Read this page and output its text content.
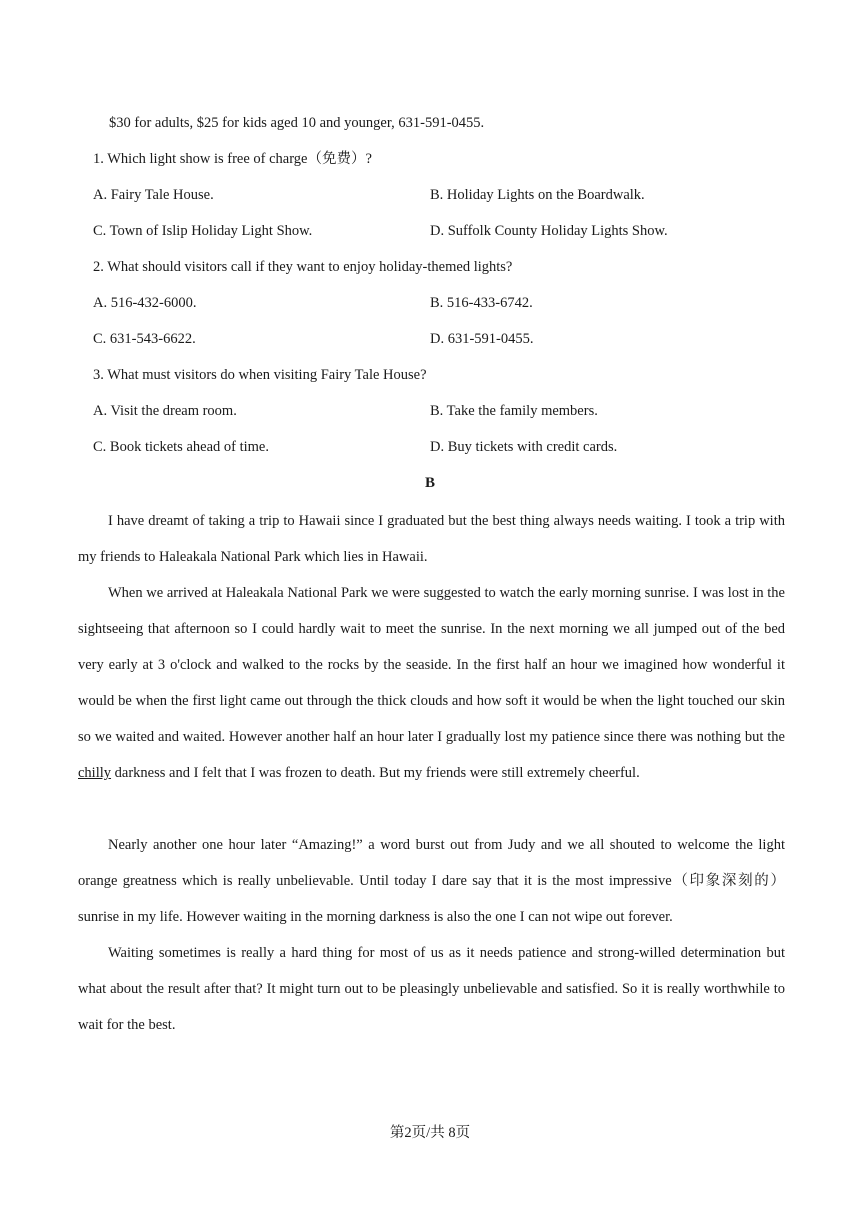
$30 for adults, $25 for kids aged 10 and younger, 631-591-0455.
1. Which light show is free of charge（免费）?
A. Fairy Tale House.	B. Holiday Lights on the Boardwalk.
C. Town of Islip Holiday Light Show.	D. Suffolk County Holiday Lights Show.
2. What should visitors call if they want to enjoy holiday-themed lights?
A. 516-432-6000.	B. 516-433-6742.
C. 631-543-6622.	D. 631-591-0455.
3. What must visitors do when visiting Fairy Tale House?
A. Visit the dream room.	B. Take the family members.
C. Book tickets ahead of time.	D. Buy tickets with credit cards.
B

I have dreamt of taking a trip to Hawaii since I graduated but the best thing always needs waiting. I took a trip with my friends to Haleakala National Park which lies in Hawaii.

When we arrived at Haleakala National Park we were suggested to watch the early morning sunrise. I was lost in the sightseeing that afternoon so I could hardly wait to meet the sunrise. In the next morning we all jumped out of the bed very early at 3 o'clock and walked to the rocks by the seaside. In the first half an hour we imagined how wonderful it would be when the first light came out through the thick clouds and how soft it would be when the light touched our skin so we waited and waited. However another half an hour later I gradually lost my patience since there was nothing but the chilly darkness and I felt that I was frozen to death. But my friends were still extremely cheerful.

Nearly another one hour later “Amazing!” a word burst out from Judy and we all shouted to welcome the light orange greatness which is really unbelievable. Until today I dare say that it is the most impressive（印象深刻的）sunrise in my life. However waiting in the morning darkness is also the one I can not wipe out forever.

Waiting sometimes is really a hard thing for most of us as it needs patience and strong-willed determination but what about the result after that? It might turn out to be pleasingly unbelievable and satisfied. So it is really worthwhile to wait for the best.

第2页/共 8页
